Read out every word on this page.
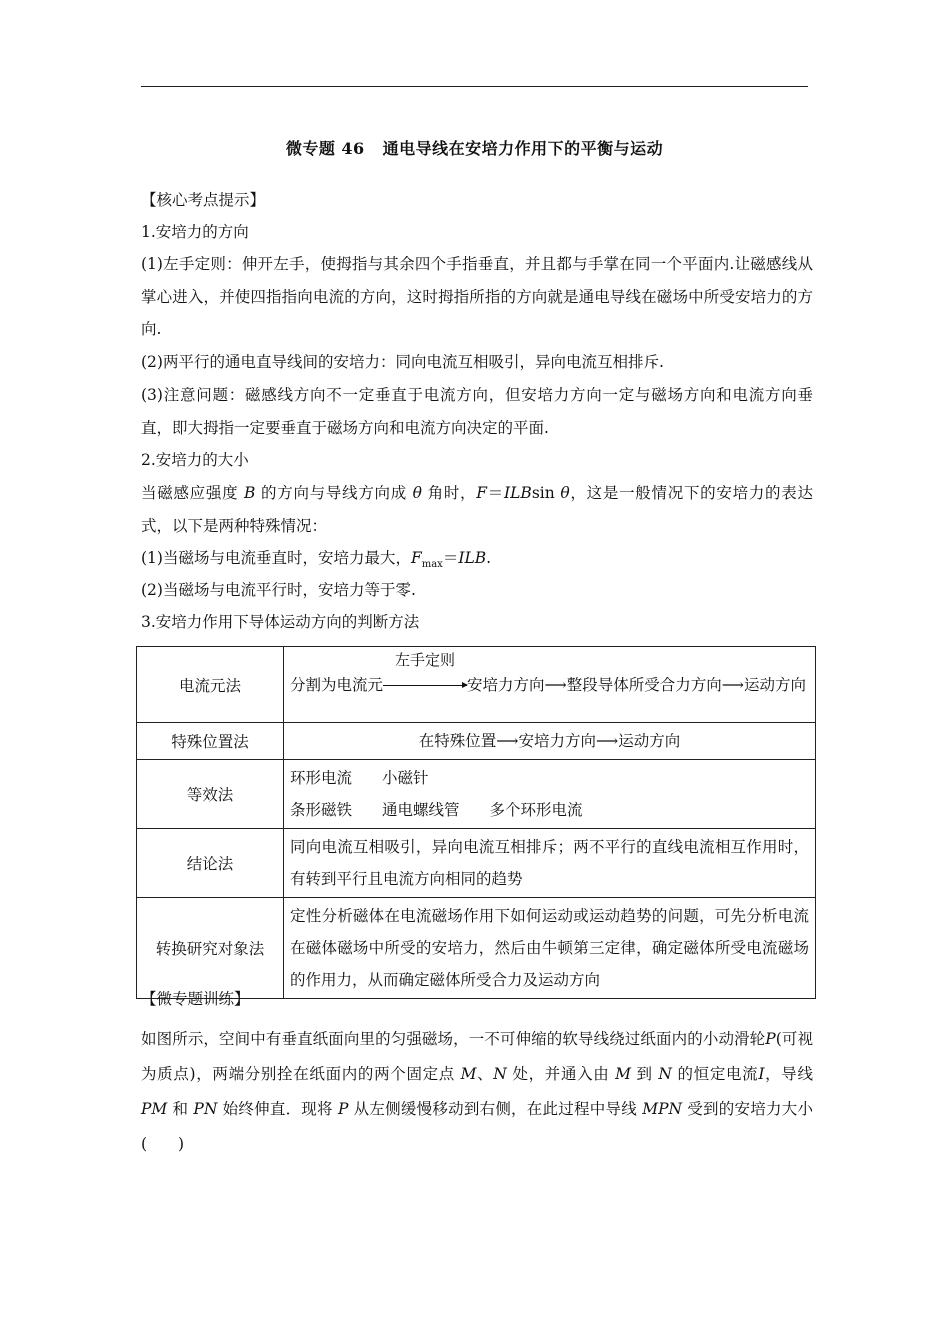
微专题 46 通电导线在安培力作用下的平衡与运动
【核心考点提示】
1.安培力的方向
(1)左手定则：伸开左手，使拇指与其余四个手指垂直，并且都与手掌在同一个平面内.让磁感线从掌心进入，并使四指指向电流的方向，这时拇指所指的方向就是通电导线在磁场中所受安培力的方向.
(2)两平行的通电直导线间的安培力：同向电流互相吸引，异向电流互相排斥.
(3)注意问题：磁感线方向不一定垂直于电流方向，但安培力方向一定与磁场方向和电流方向垂直，即大拇指一定要垂直于磁场方向和电流方向决定的平面.
2.安培力的大小
当磁感应强度 B 的方向与导线方向成 θ 角时，F＝ILBsin θ，这是一般情况下的安培力的表达式，以下是两种特殊情况：
(1)当磁场与电流垂直时，安培力最大，$F_{max}=ILB$.
(2)当磁场与电流平行时，安培力等于零.
3.安培力作用下导体运动方向的判断方法
电流元法	分割为电流元
左手定则
安培力方向⟶整段导体所受合力方向⟶运动方向
特殊位置法	在特殊位置⟶安培力方向⟶运动方向
等效法	环形电流 小磁针
条形磁铁 通电螺线管 多个环形电流

结论法	同向电流互相吸引，异向电流互相排斥；两不平行的直线电流相互作用时，有转到平行且电流方向相同的趋势
转换研究对象法	定性分析磁体在电流磁场作用下如何运动或运动趋势的问题，可先分析电流在磁体磁场中所受的安培力，然后由牛顿第三定律，确定磁体所受电流磁场的作用力，从而确定磁体所受合力及运动方向
【微专题训练】
如图所示，空间中有垂直纸面向里的匀强磁场，一不可伸缩的软导线绕过纸面内的小动滑轮P(可视为质点)，两端分别拴在纸面内的两个固定点 M、N 处，并通入由 M 到 N 的恒定电流I，导线 PM 和 PN 始终伸直．现将 P 从左侧缓慢移动到右侧，在此过程中导线 MPN 受到的安培力大小(　　)
